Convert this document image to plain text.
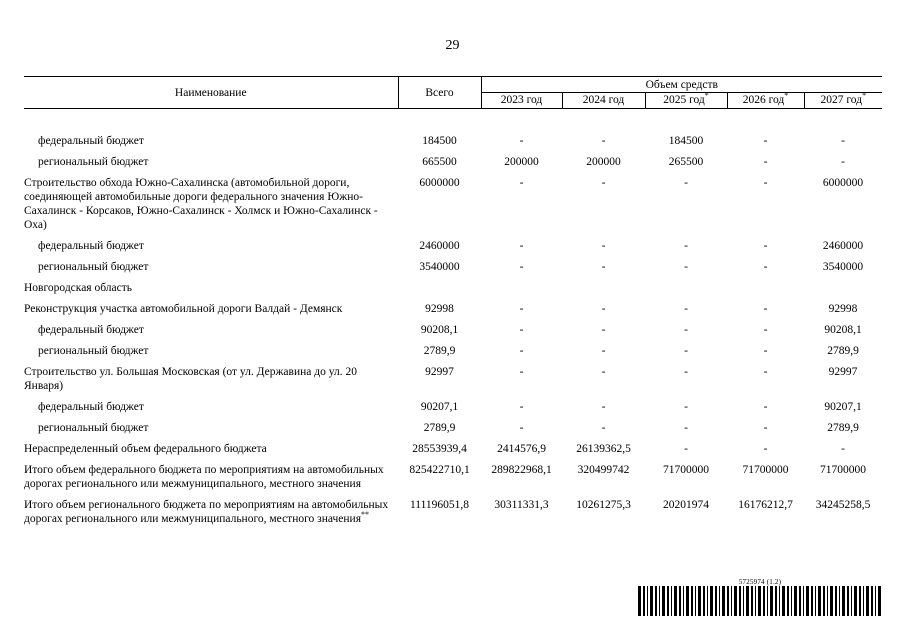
29
Наименование	Всего	Объем средств				
		2023 год	2024 год	2025 год*	2026 год*	2027 год*

федеральный бюджет	184500	-	-	184500	-	-
региональный бюджет	665500	200000	200000	265500	-	-
Строительство обхода Южно-Сахалинска (автомобильной дороги, соединяющей автомобильные дороги федерального значения Южно-Сахалинск - Корсаков, Южно-Сахалинск - Холмск и Южно-Сахалинск - Оха)	6000000	-	-	-	-	6000000
федеральный бюджет	2460000	-	-	-	-	2460000
региональный бюджет	3540000	-	-	-	-	3540000
Новгородская область						
Реконструкция участка автомобильной дороги Валдай - Демянск	92998	-	-	-	-	92998
федеральный бюджет	90208,1	-	-	-	-	90208,1
региональный бюджет	2789,9	-	-	-	-	2789,9
Строительство ул. Большая Московская (от ул. Державина до ул. 20 Января)	92997	-	-	-	-	92997
федеральный бюджет	90207,1	-	-	-	-	90207,1
региональный бюджет	2789,9	-	-	-	-	2789,9
Нераспределенный объем федерального бюджета	28553939,4	2414576,9	26139362,5	-	-	-
Итого объем федерального бюджета по мероприятиям на автомобильных дорогах регионального или межмуниципального, местного значения	825422710,1	289822968,1	320499742	71700000	71700000	71700000
Итого объем регионального бюджета по мероприятиям на автомобильных дорогах регионального или межмуниципального, местного значения**	111196051,8	30311331,3	10261275,3	20201974	16176212,7	34245258,5
5725974 (1.2)
